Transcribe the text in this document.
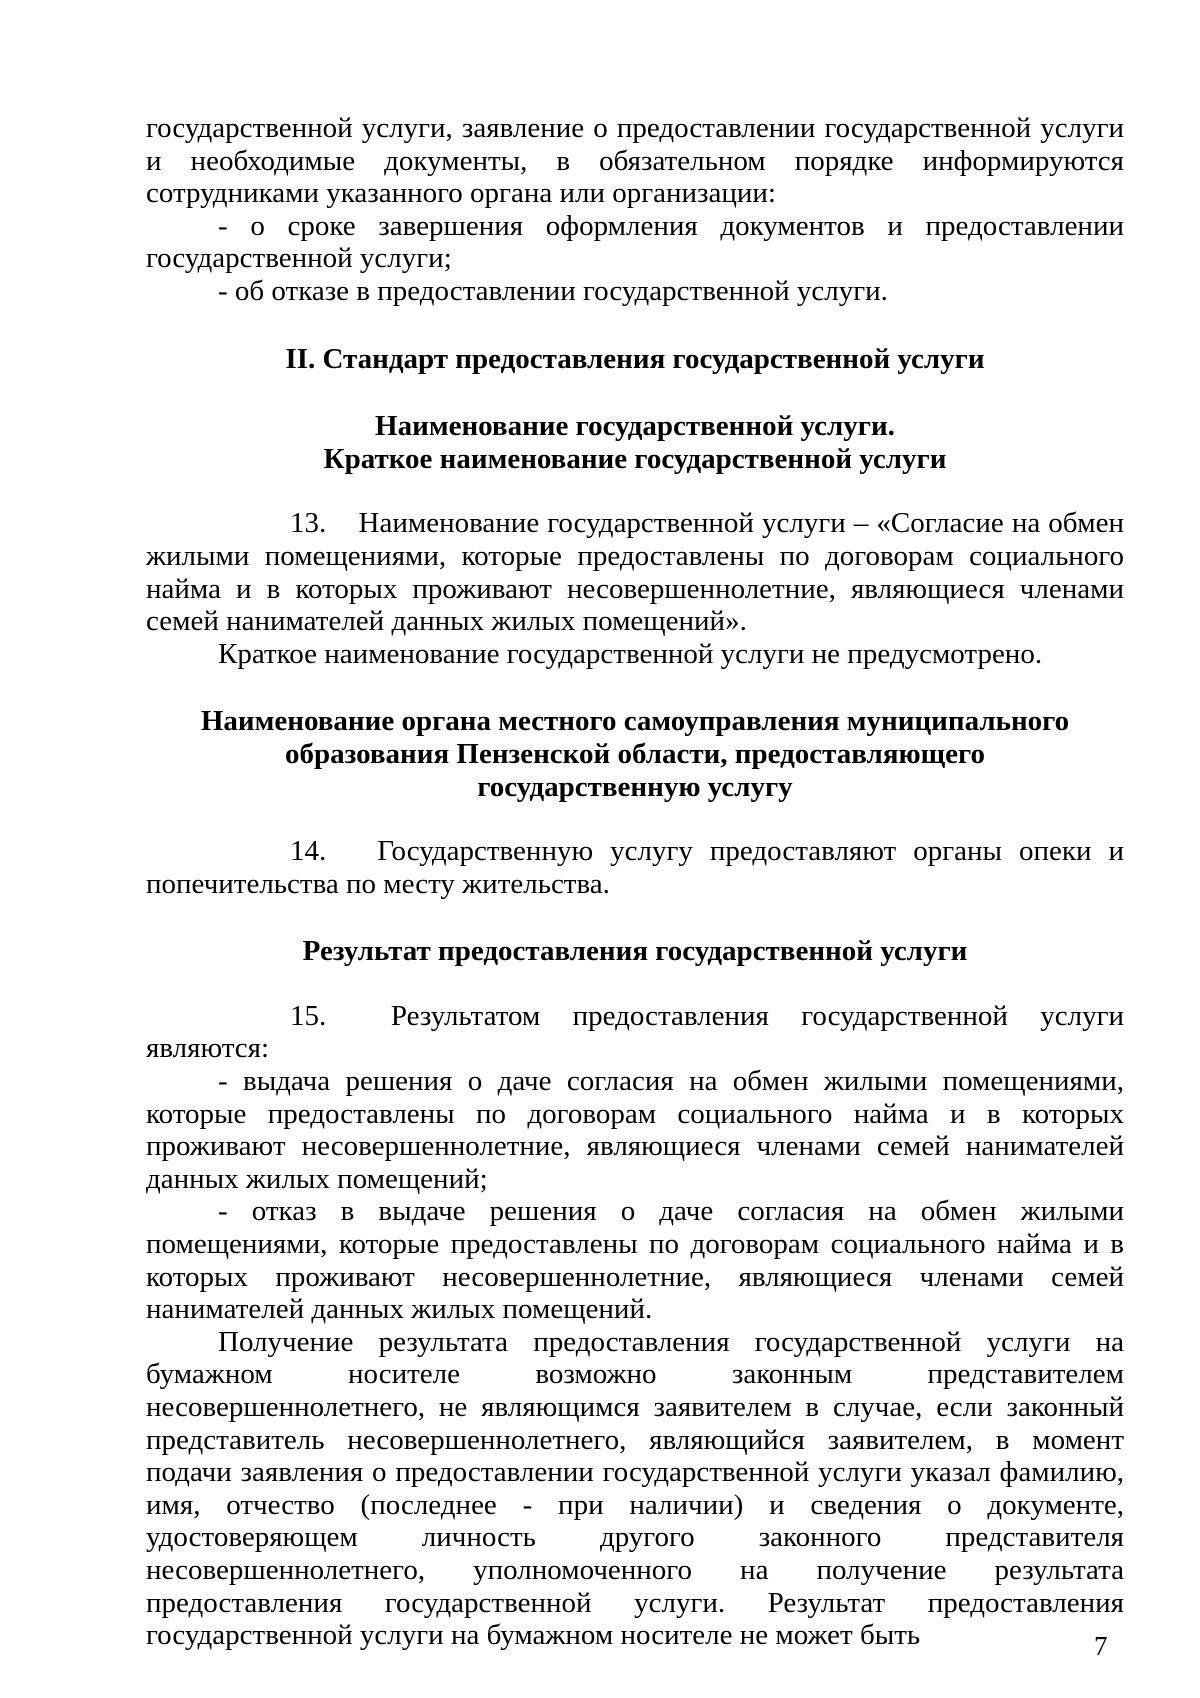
государственной услуги, заявление о предоставлении государственной услуги и необходимые документы, в обязательном порядке информируются сотрудниками указанного органа или организации:

- о сроке завершения оформления документов и предоставлении государственной услуги;

- об отказе в предоставлении государственной услуги.

II. Стандарт предоставления государственной услуги

Наименование государственной услуги.

Краткое наименование государственной услуги

13. Наименование государственной услуги – «Согласие на обмен жилыми помещениями, которые предоставлены по договорам социального найма и в которых проживают несовершеннолетние, являющиеся членами семей нанимателей данных жилых помещений».

Краткое наименование государственной услуги не предусмотрено.

Наименование органа местного самоуправления муниципального

образования Пензенской области, предоставляющего

государственную услугу

14. Государственную услугу предоставляют органы опеки и попечительства по месту жительства.

Результат предоставления государственной услуги

15. Результатом предоставления государственной услуги являются:

- выдача решения о даче согласия на обмен жилыми помещениями, которые предоставлены по договорам социального найма и в которых проживают несовершеннолетние, являющиеся членами семей нанимателей данных жилых помещений;

- отказ в выдаче решения о даче согласия на обмен жилыми помещениями, которые предоставлены по договорам социального найма и в которых проживают несовершеннолетние, являющиеся членами семей нанимателей данных жилых помещений.

Получение результата предоставления государственной услуги на бумажном носителе возможно законным представителем несовершеннолетнего, не являющимся заявителем в случае, если законный представитель несовершеннолетнего, являющийся заявителем, в момент подачи заявления о предоставлении государственной услуги указал фамилию, имя, отчество (последнее - при наличии) и сведения о документе, удостоверяющем личность другого законного представителя несовершеннолетнего, уполномоченного на получение результата предоставления государственной услуги. Результат предоставления государственной услуги на бумажном носителе не может быть	7
